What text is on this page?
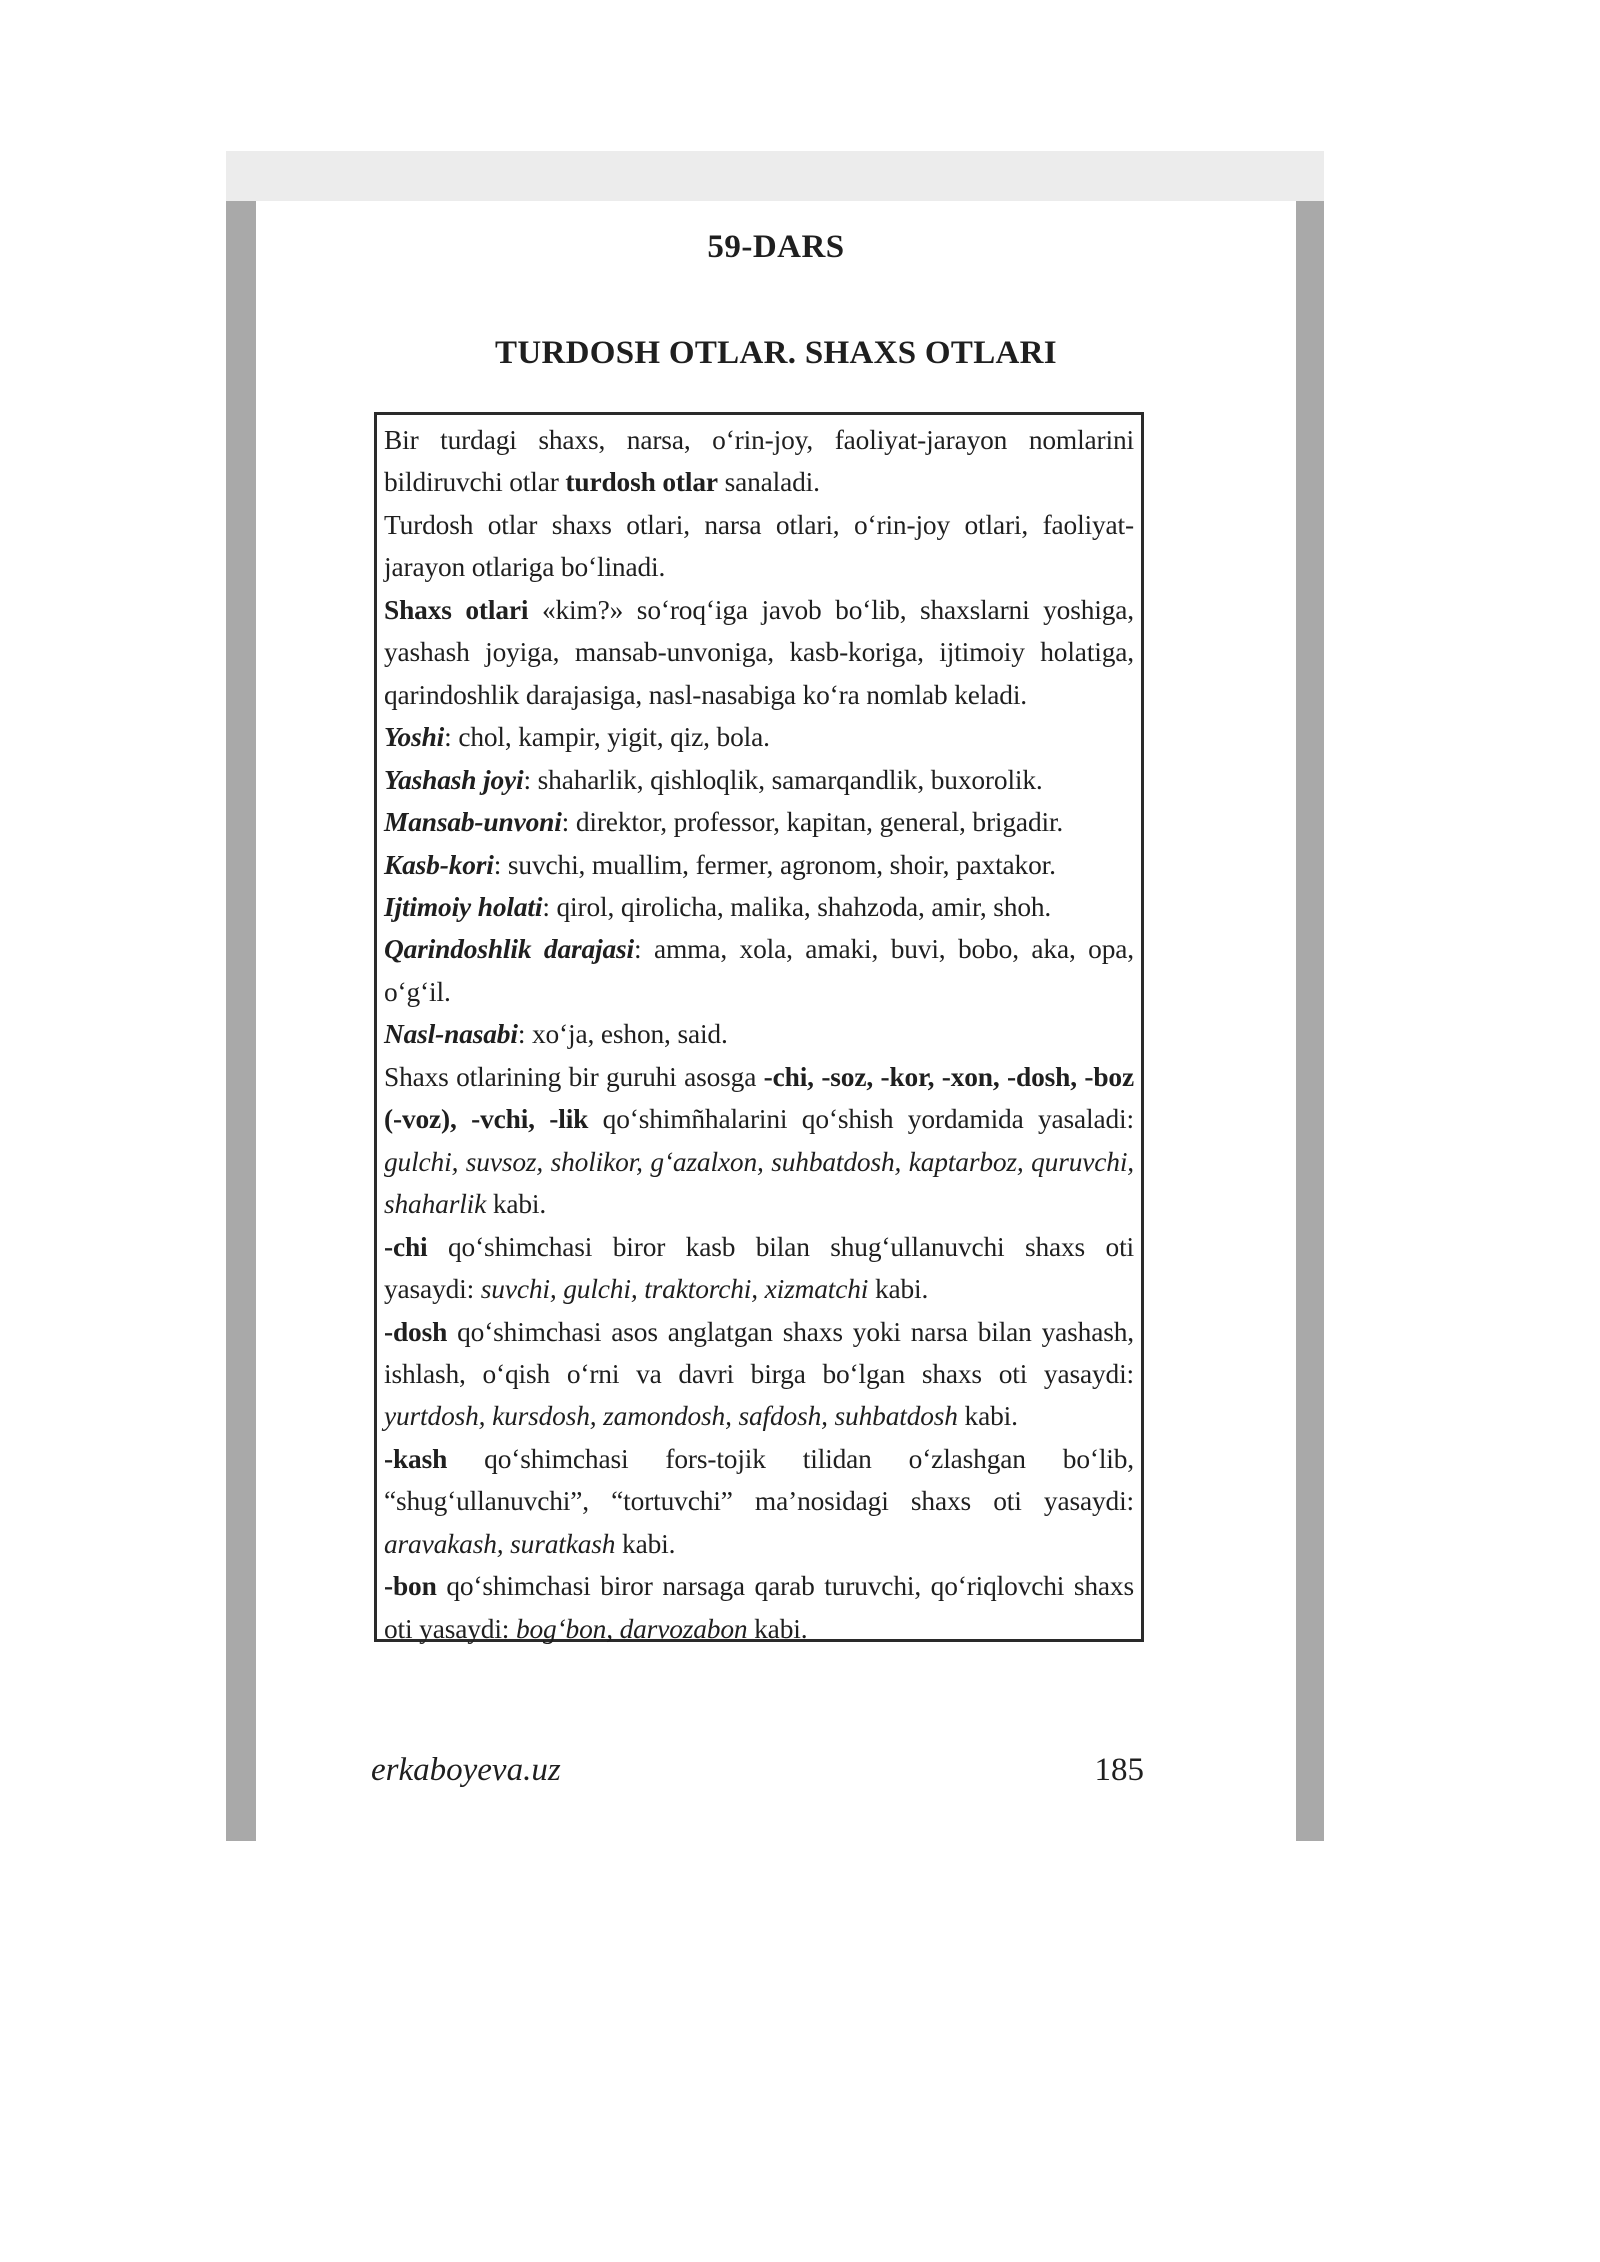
59-DARS
TURDOSH OTLAR. SHAXS OTLARI

Bir turdagi shaxs, narsa, o‘rin-joy, faoliyat-jarayon nomlarini bildiruvchi otlar turdosh otlar sanaladi.

Turdosh otlar shaxs otlari, narsa otlari, o‘rin-joy otlari, faoliyat-jarayon otlariga bo‘linadi.

Shaxs otlari «kim?» so‘roq‘iga javob bo‘lib, shaxslarni yoshiga, yashash joyiga, mansab-unvoniga, kasb-koriga, ijtimoiy holatiga, qarindoshlik darajasiga, nasl-nasabiga ko‘ra nomlab keladi.

Yoshi: chol, kampir, yigit, qiz, bola.

Yashash joyi: shaharlik, qishloqlik, samarqandlik, buxorolik.

Mansab-unvoni: direktor, professor, kapitan, general, brigadir.

Kasb-kori: suvchi, muallim, fermer, agronom, shoir, paxtakor.

Ijtimoiy holati: qirol, qirolicha, malika, shahzoda, amir, shoh.

Qarindoshlik darajasi: amma, xola, amaki, buvi, bobo, aka, opa, o‘g‘il.

Nasl-nasabi: xo‘ja, eshon, said.

Shaxs otlarining bir guruhi asosga -chi, -soz, -kor, -xon, -dosh, -boz (-voz), -vchi, -lik qo‘shimñhalarini qo‘shish yordamida yasaladi: gulchi, suvsoz, sholikor, g‘azalxon, suhbatdosh, kaptarboz, quruvchi, shaharlik kabi.

-chi qo‘shimchasi biror kasb bilan shug‘ullanuvchi shaxs oti yasaydi: suvchi, gulchi, traktorchi, xizmatchi kabi.

-dosh qo‘shimchasi asos anglatgan shaxs yoki narsa bilan yashash, ishlash, o‘qish o‘rni va davri birga bo‘lgan shaxs oti yasaydi: yurtdosh, kursdosh, zamondosh, safdosh, suhbatdosh kabi.

-kash qo‘shimchasi fors-tojik tilidan o‘zlashgan bo‘lib, “shug‘ullanuvchi”, “tortuvchi” ma’nosidagi shaxs oti yasaydi: aravakash, suratkash kabi.

-bon qo‘shimchasi biror narsaga qarab turuvchi, qo‘riqlovchi shaxs oti yasaydi: bog‘bon, darvozabon kabi.

erkaboyeva.uz	185
